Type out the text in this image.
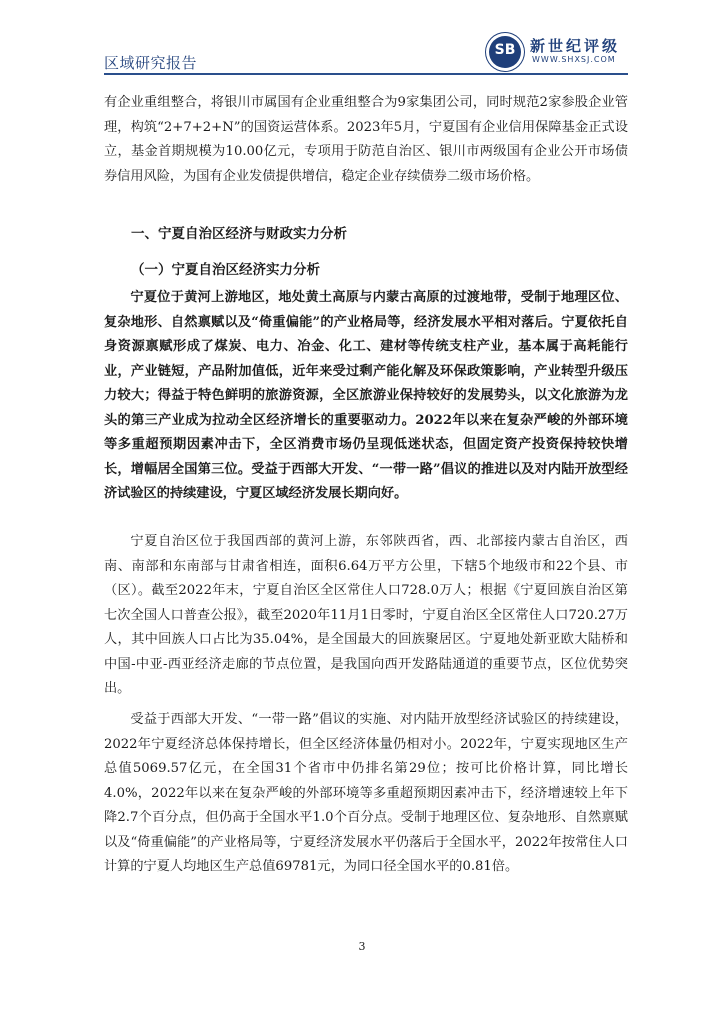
区域研究报告
SB 新世纪评级
WWW.SHXSJ.COM

有企业重组整合，将银川市属国有企业重组整合为9家集团公司，同时规范2家参股企业管理，构筑“2+7+2+N”的国资运营体系。2023年5月，宁夏国有企业信用保障基金正式设立，基金首期规模为10.00亿元，专项用于防范自治区、银川市两级国有企业公开市场债券信用风险，为国有企业发债提供增信，稳定企业存续债券二级市场价格。

一、宁夏自治区经济与财政实力分析
（一）宁夏自治区经济实力分析

宁夏位于黄河上游地区，地处黄土高原与内蒙古高原的过渡地带，受制于地理区位、复杂地形、自然禀赋以及“倚重偏能”的产业格局等，经济发展水平相对落后。宁夏依托自身资源禀赋形成了煤炭、电力、冶金、化工、建材等传统支柱产业，基本属于高耗能行业，产业链短，产品附加值低，近年来受过剩产能化解及环保政策影响，产业转型升级压力较大；得益于特色鲜明的旅游资源，全区旅游业保持较好的发展势头，以文化旅游为龙头的第三产业成为拉动全区经济增长的重要驱动力。2022年以来在复杂严峻的外部环境等多重超预期因素冲击下，全区消费市场仍呈现低迷状态，但固定资产投资保持较快增长，增幅居全国第三位。受益于西部大开发、“一带一路”倡议的推进以及对内陆开放型经济试验区的持续建设，宁夏区域经济发展长期向好。

宁夏自治区位于我国西部的黄河上游，东邻陕西省，西、北部接内蒙古自治区，西南、南部和东南部与甘肃省相连，面积6.64万平方公里，下辖5个地级市和22个县、市（区）。截至2022年末，宁夏自治区全区常住人口728.0万人；根据《宁夏回族自治区第七次全国人口普查公报》，截至2020年11月1日零时，宁夏自治区全区常住人口720.27万人，其中回族人口占比为35.04%，是全国最大的回族聚居区。宁夏地处新亚欧大陆桥和中国-中亚-西亚经济走廊的节点位置，是我国向西开发路陆通道的重要节点，区位优势突出。

受益于西部大开发、“一带一路”倡议的实施、对内陆开放型经济试验区的持续建设，2022年宁夏经济总体保持增长，但全区经济体量仍相对小。2022年，宁夏实现地区生产总值5069.57亿元，在全国31个省市中仍排名第29位；按可比价格计算，同比增长4.0%，2022年以来在复杂严峻的外部环境等多重超预期因素冲击下，经济增速较上年下降2.7个百分点，但仍高于全国水平1.0个百分点。受制于地理区位、复杂地形、自然禀赋以及“倚重偏能”的产业格局等，宁夏经济发展水平仍落后于全国水平，2022年按常住人口计算的宁夏人均地区生产总值69781元，为同口径全国水平的0.81倍。

3
